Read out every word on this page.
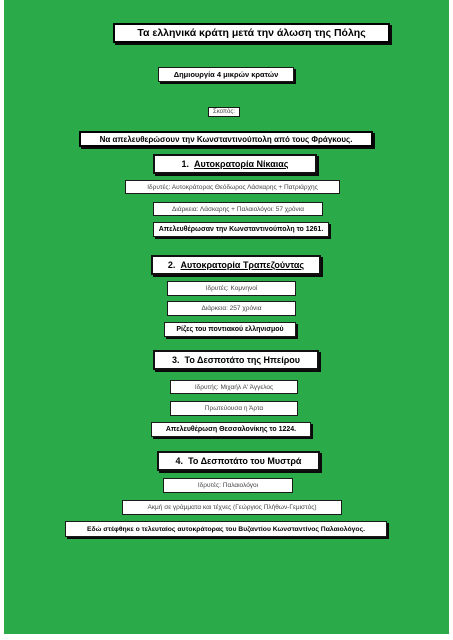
Τα ελληνικά κράτη μετά την άλωση της Πόλης
Δημιουργία 4 μικρών κρατών
Σκοπός:
Να απελευθερώσουν την Κωνσταντινούπολη από τους Φράγκους.
1.
Αυτοκρατορία Νίκαιας
Ιδρυτές: Αυτοκράτορας Θεόδωρος Λάσκαρης + Πατριάρχης
Διάρκεια: Λάσκαρης + Παλαιολόγοι: 57 χρόνια
Απελευθέρωσαν την Κωνσταντινούπολη το 1261.
2.
Αυτοκρατορία Τραπεζούντας
Ιδρυτές: Κομνηνοί
Διάρκεια: 257 χρόνια
Ρίζες του ποντιακού ελληνισμού
3.
Το Δεσποτάτο της Ηπείρου
Ιδρυτής: Μιχαήλ Α' Άγγελος
Πρωτεύουσα η Άρτα
Απελευθέρωση Θεσσαλονίκης το 1224.
4.
Το Δεσποτάτο του Μυστρά
Ιδρυτές: Παλαιολόγοι
Ακμή σε γράμματα και τέχνες (Γεώργιος Πλήθων-Γεμιστός)
Εδώ στέφθηκε ο τελευταίος αυτοκράτορας του Βυζαντίου Κωνσταντίνος Παλαιολόγος.
